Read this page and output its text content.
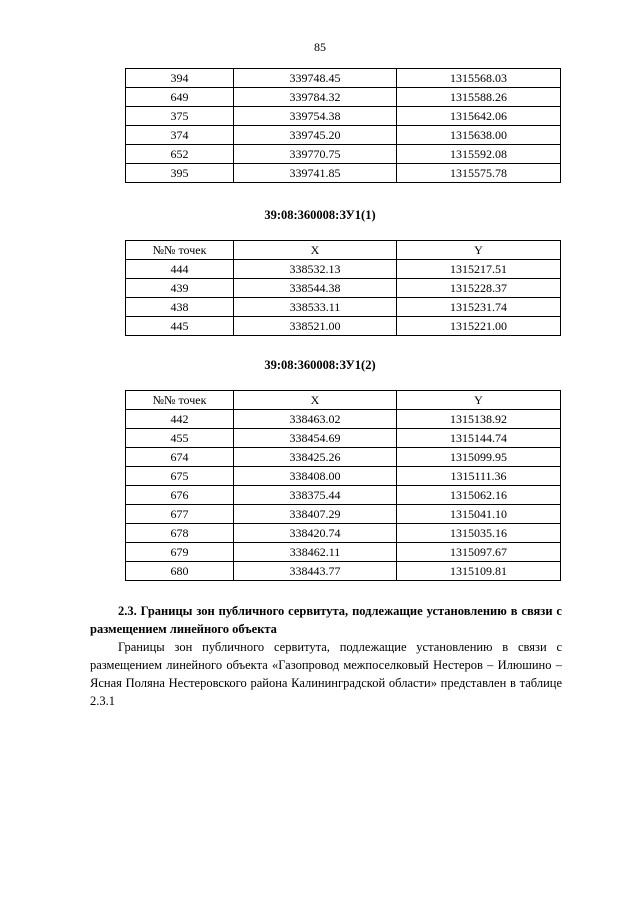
85
394	339748.45	1315568.03
649	339784.32	1315588.26
375	339754.38	1315642.06
374	339745.20	1315638.00
652	339770.75	1315592.08
395	339741.85	1315575.78
39:08:360008:ЗУ1(1)
№№ точек	X	Y
444	338532.13	1315217.51
439	338544.38	1315228.37
438	338533.11	1315231.74
445	338521.00	1315221.00
39:08:360008:ЗУ1(2)
№№ точек	X	Y
442	338463.02	1315138.92
455	338454.69	1315144.74
674	338425.26	1315099.95
675	338408.00	1315111.36
676	338375.44	1315062.16
677	338407.29	1315041.10
678	338420.74	1315035.16
679	338462.11	1315097.67
680	338443.77	1315109.81
2.3. Границы зон публичного сервитута, подлежащие установлению в связи с размещением линейного объекта
Границы зон публичного сервитута, подлежащие установлению в связи с размещением линейного объекта «Газопровод межпоселковый Нестеров – Илюшино – Ясная Поляна Нестеровского района Калининградской области» представлен в таблице 2.3.1
